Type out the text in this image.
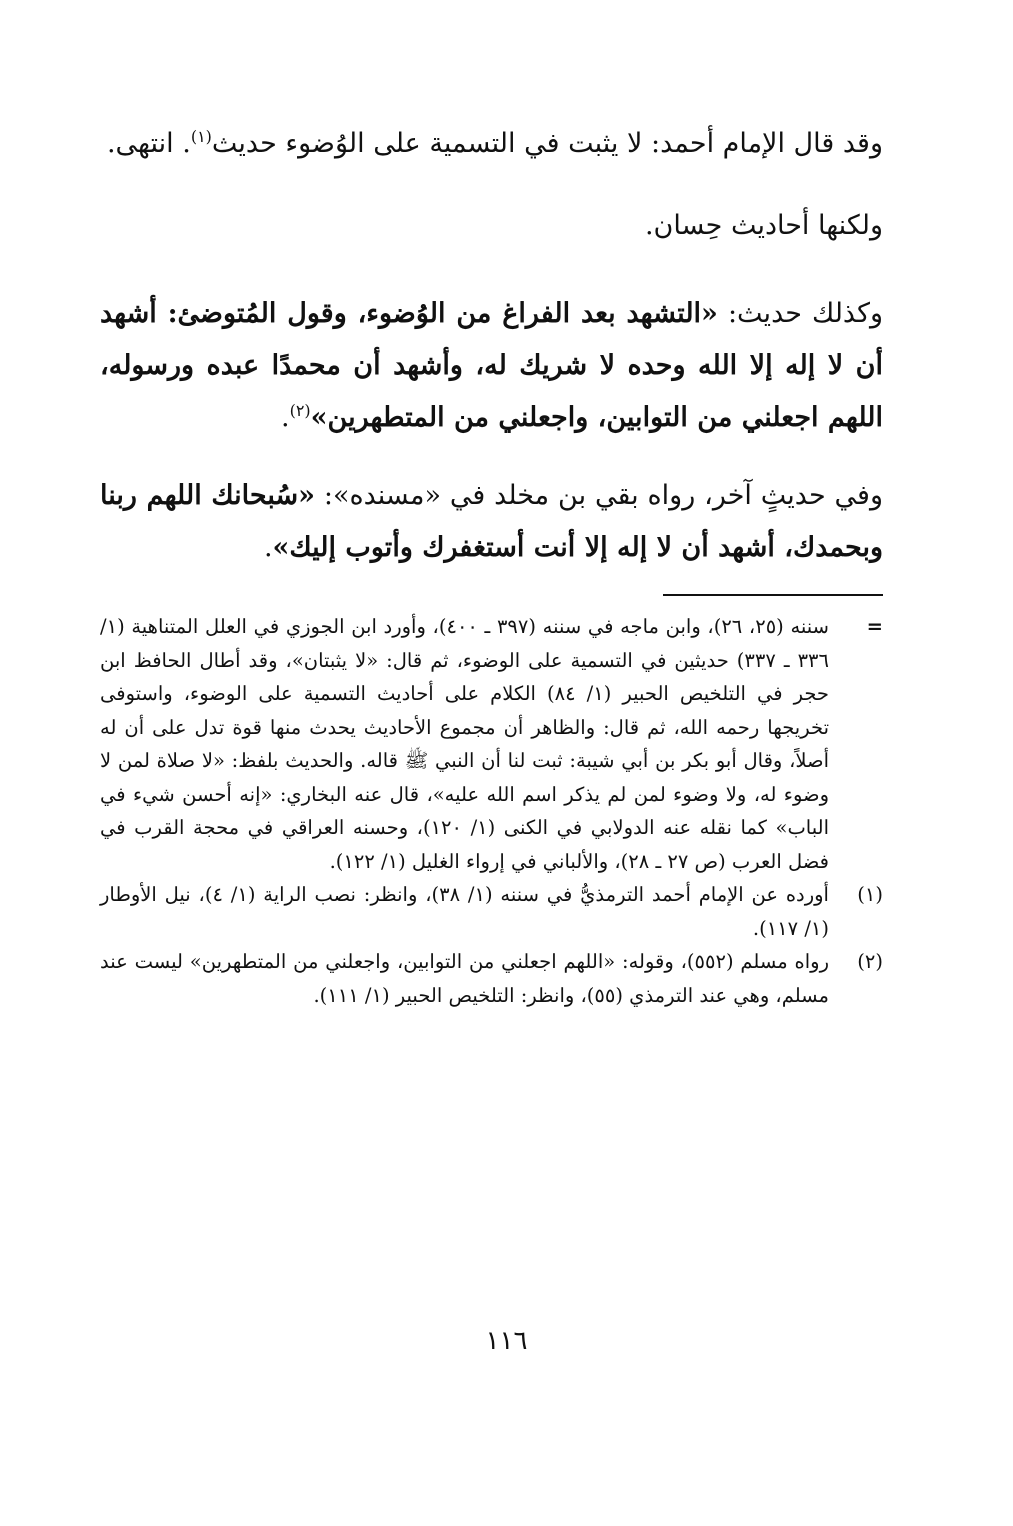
وقد قال الإمام أحمد: لا يثبت في التسمية على الوُضوء حديث$^{(١)}$. انتهى.

ولكنها أحاديث حِسان.

وكذلك حديث: «التشهد بعد الفراغ من الوُضوء، وقول المُتوضئ: أشهد أن لا إله إلا الله وحده لا شريك له، وأشهد أن محمدًا عبده ورسوله، اللهم اجعلني من التوابين، واجعلني من المتطهرين»$^{(٢)}$.

وفي حديثٍ آخر، رواه بقي بن مخلد في «مسنده»: «سُبحانك اللهم ربنا وبحمدك، أشهد أن لا إله إلا أنت أستغفرك وأتوب إليك».

=
سننه (٢٥، ٢٦)، وابن ماجه في سننه (٣٩٧ ـ ٤٠٠)، وأورد ابن الجوزي في العلل المتناهية (١/ ٣٣٦ ـ ٣٣٧) حديثين في التسمية على الوضوء، ثم قال: «لا يثبتان»، وقد أطال الحافظ ابن حجر في التلخيص الحبير (١/ ٨٤) الكلام على أحاديث التسمية على الوضوء، واستوفى تخريجها رحمه الله، ثم قال: والظاهر أن مجموع الأحاديث يحدث منها قوة تدل على أن له أصلاً، وقال أبو بكر بن أبي شيبة: ثبت لنا أن النبي ﷺ قاله. والحديث بلفظ: «لا صلاة لمن لا وضوء له، ولا وضوء لمن لم يذكر اسم الله عليه»، قال عنه البخاري: «إنه أحسن شيء في الباب» كما نقله عنه الدولابي في الكنى (١/ ١٢٠)، وحسنه العراقي في محجة القرب في فضل العرب (ص ٢٧ ـ ٢٨)، والألباني في إرواء الغليل (١/ ١٢٢).
(١)
أورده عن الإمام أحمد الترمذيُّ في سننه (١/ ٣٨)، وانظر: نصب الراية (١/ ٤)، نيل الأوطار (١/ ١١٧).
(٢)
رواه مسلم (٥٥٢)، وقوله: «اللهم اجعلني من التوابين، واجعلني من المتطهرين» ليست عند مسلم، وهي عند الترمذي (٥٥)، وانظر: التلخيص الحبير (١/ ١١١).
١١٦
